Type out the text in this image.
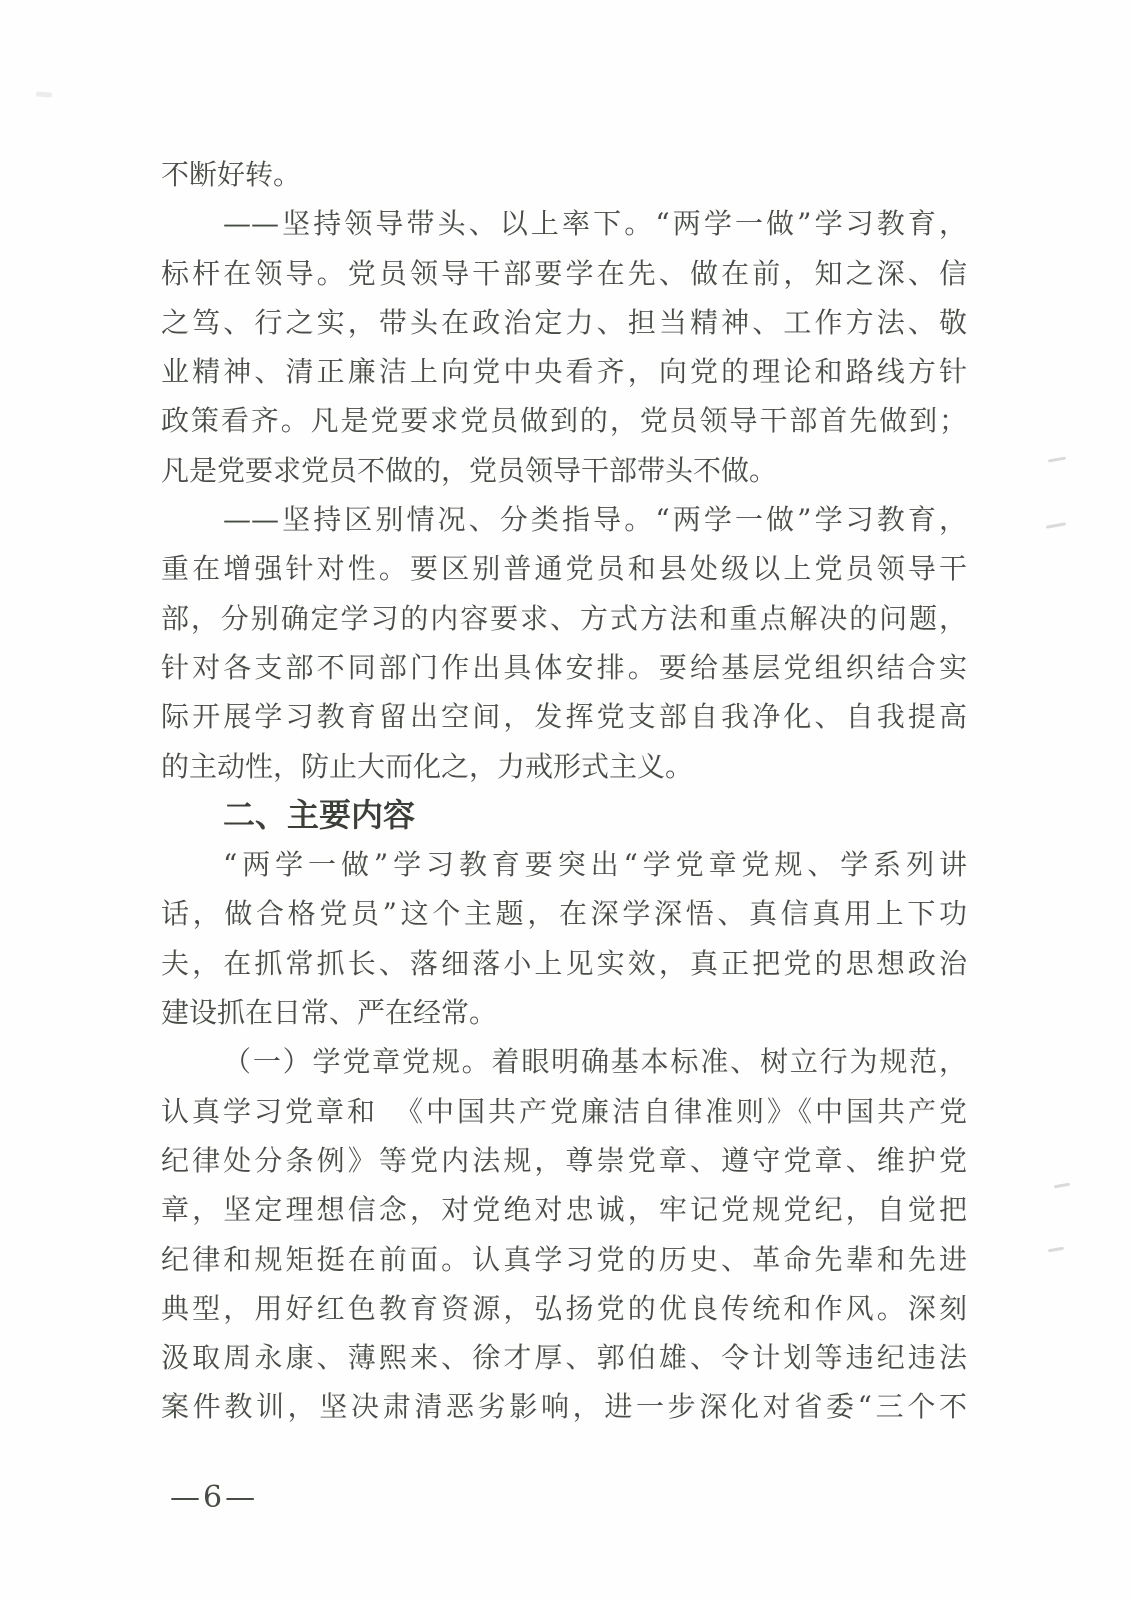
不断好转。
——坚持领导带头、以上率下。“两学一做”学习教育，
标杆在领导。党员领导干部要学在先、做在前，知之深、信
之笃、行之实，带头在政治定力、担当精神、工作方法、敬
业精神、清正廉洁上向党中央看齐，向党的理论和路线方针
政策看齐。凡是党要求党员做到的，党员领导干部首先做到；
凡是党要求党员不做的，党员领导干部带头不做。
——坚持区别情况、分类指导。“两学一做”学习教育，
重在增强针对性。要区别普通党员和县处级以上党员领导干
部，分别确定学习的内容要求、方式方法和重点解决的问题，
针对各支部不同部门作出具体安排。要给基层党组织结合实
际开展学习教育留出空间，发挥党支部自我净化、自我提高
的主动性，防止大而化之，力戒形式主义。
二、主要内容
“两学一做”学习教育要突出“学党章党规、学系列讲
话，做合格党员”这个主题，在深学深悟、真信真用上下功
夫，在抓常抓长、落细落小上见实效，真正把党的思想政治
建设抓在日常、严在经常。
（一）学党章党规。着眼明确基本标准、树立行为规范，
认真学习党章和　《中国共产党廉洁自律准则》《中国共产党
纪律处分条例》等党内法规，尊崇党章、遵守党章、维护党
章，坚定理想信念，对党绝对忠诚，牢记党规党纪，自觉把
纪律和规矩挺在前面。认真学习党的历史、革命先辈和先进
典型，用好红色教育资源，弘扬党的优良传统和作风。深刻
汲取周永康、薄熙来、徐才厚、郭伯雄、令计划等违纪违法
案件教训，坚决肃清恶劣影响，进一步深化对省委“三个不
—6—
